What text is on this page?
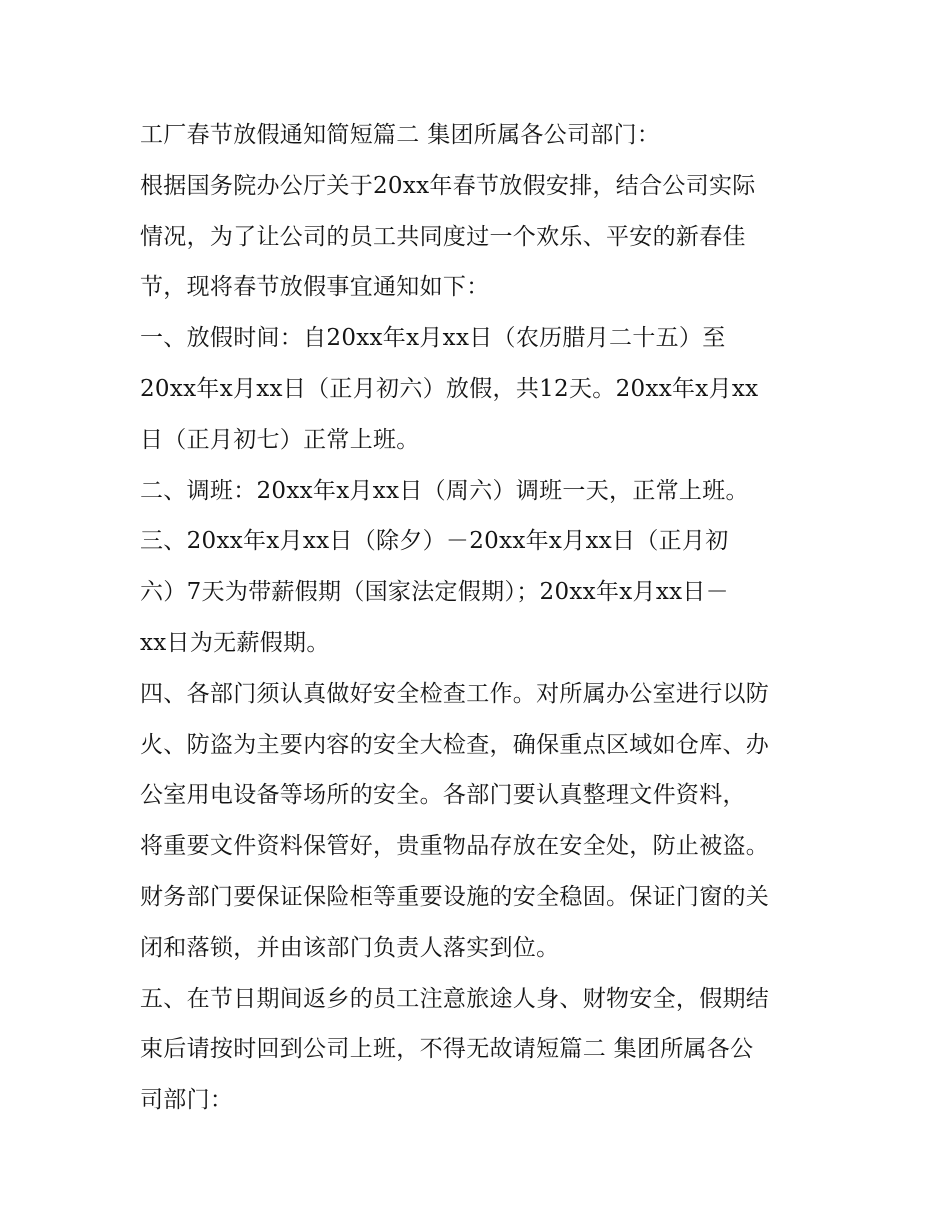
工厂春节放假通知简短篇二 集团所属各公司部门：
根据国务院办公厅关于20xx年春节放假安排，结合公司实际
情况，为了让公司的员工共同度过一个欢乐、平安的新春佳
节，现将春节放假事宜通知如下：
一、放假时间：自20xx年x月xx日（农历腊月二十五）至
20xx年x月xx日（正月初六）放假，共12天。20xx年x月xx
日（正月初七）正常上班。
二、调班：20xx年x月xx日（周六）调班一天，正常上班。
三、20xx年x月xx日（除夕）－20xx年x月xx日（正月初
六）7天为带薪假期（国家法定假期）；20xx年x月xx日－
xx日为无薪假期。
四、各部门须认真做好安全检查工作。对所属办公室进行以防
火、防盗为主要内容的安全大检查，确保重点区域如仓库、办
公室用电设备等场所的安全。各部门要认真整理文件资料，
将重要文件资料保管好，贵重物品存放在安全处，防止被盗。
财务部门要保证保险柜等重要设施的安全稳固。保证门窗的关
闭和落锁，并由该部门负责人落实到位。
五、在节日期间返乡的员工注意旅途人身、财物安全，假期结
束后请按时回到公司上班，不得无故请短篇二 集团所属各公
司部门：
